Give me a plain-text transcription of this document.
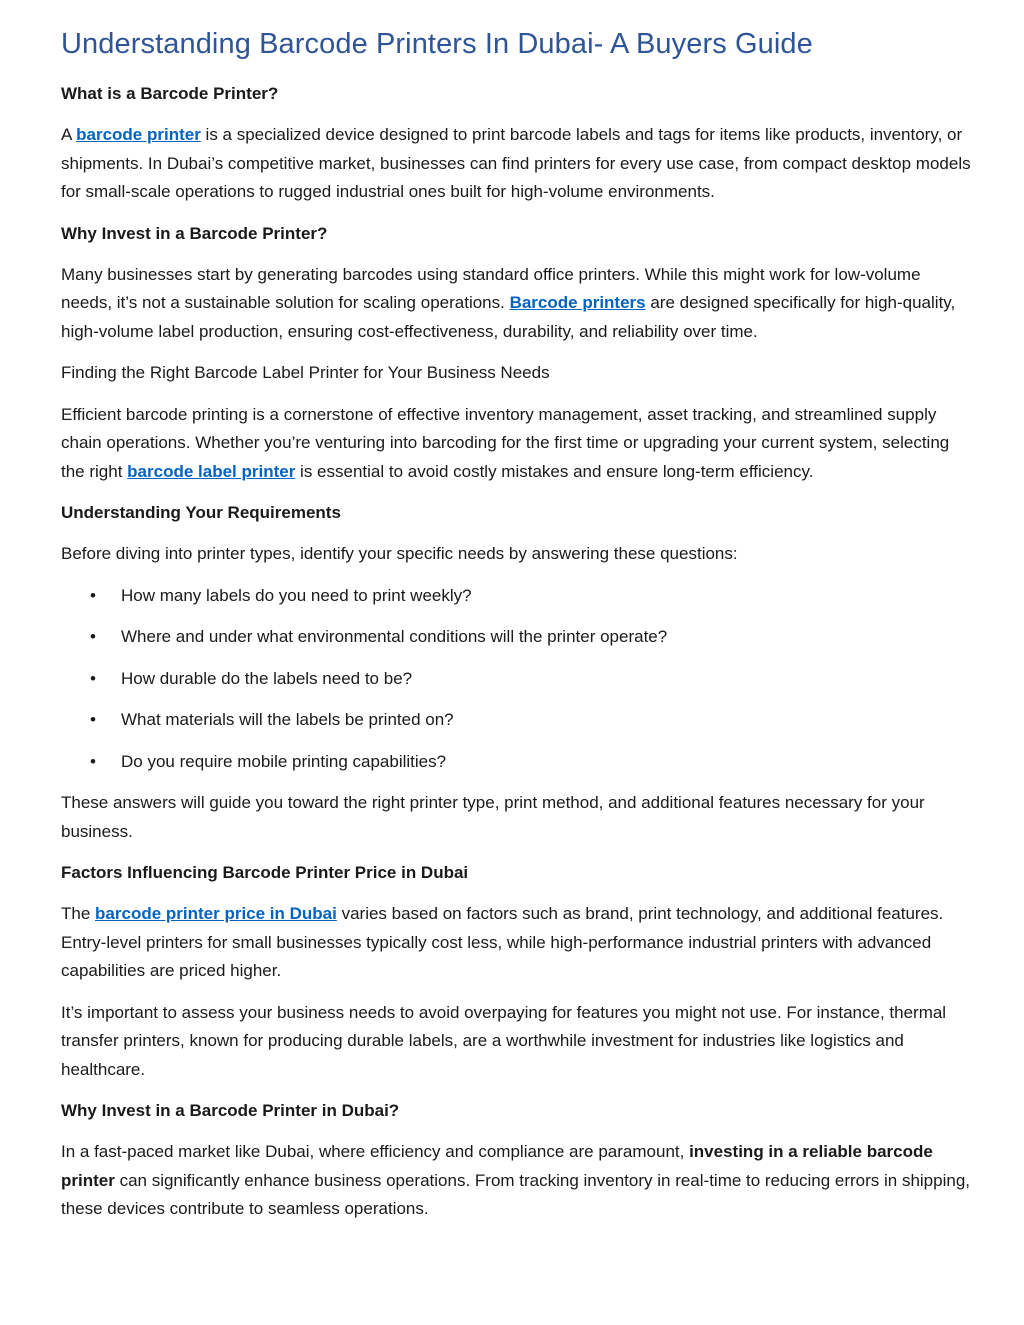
Understanding Barcode Printers In Dubai- A Buyers Guide
What is a Barcode Printer?

A barcode printer is a specialized device designed to print barcode labels and tags for items like products, inventory, or shipments. In Dubai’s competitive market, businesses can find printers for every use case, from compact desktop models for small-scale operations to rugged industrial ones built for high-volume environments.

Why Invest in a Barcode Printer?

Many businesses start by generating barcodes using standard office printers. While this might work for low-volume needs, it’s not a sustainable solution for scaling operations. Barcode printers are designed specifically for high-quality, high-volume label production, ensuring cost-effectiveness, durability, and reliability over time.

Finding the Right Barcode Label Printer for Your Business Needs

Efficient barcode printing is a cornerstone of effective inventory management, asset tracking, and streamlined supply chain operations. Whether you’re venturing into barcoding for the first time or upgrading your current system, selecting the right barcode label printer is essential to avoid costly mistakes and ensure long-term efficiency.

Understanding Your Requirements

Before diving into printer types, identify your specific needs by answering these questions:

• How many labels do you need to print weekly?
• Where and under what environmental conditions will the printer operate?
• How durable do the labels need to be?
• What materials will the labels be printed on?
• Do you require mobile printing capabilities?

These answers will guide you toward the right printer type, print method, and additional features necessary for your business.

Factors Influencing Barcode Printer Price in Dubai

The barcode printer price in Dubai varies based on factors such as brand, print technology, and additional features. Entry-level printers for small businesses typically cost less, while high-performance industrial printers with advanced capabilities are priced higher.

It’s important to assess your business needs to avoid overpaying for features you might not use. For instance, thermal transfer printers, known for producing durable labels, are a worthwhile investment for industries like logistics and healthcare.

Why Invest in a Barcode Printer in Dubai?

In a fast-paced market like Dubai, where efficiency and compliance are paramount, investing in a reliable barcode printer can significantly enhance business operations. From tracking inventory in real-time to reducing errors in shipping, these devices contribute to seamless operations.
